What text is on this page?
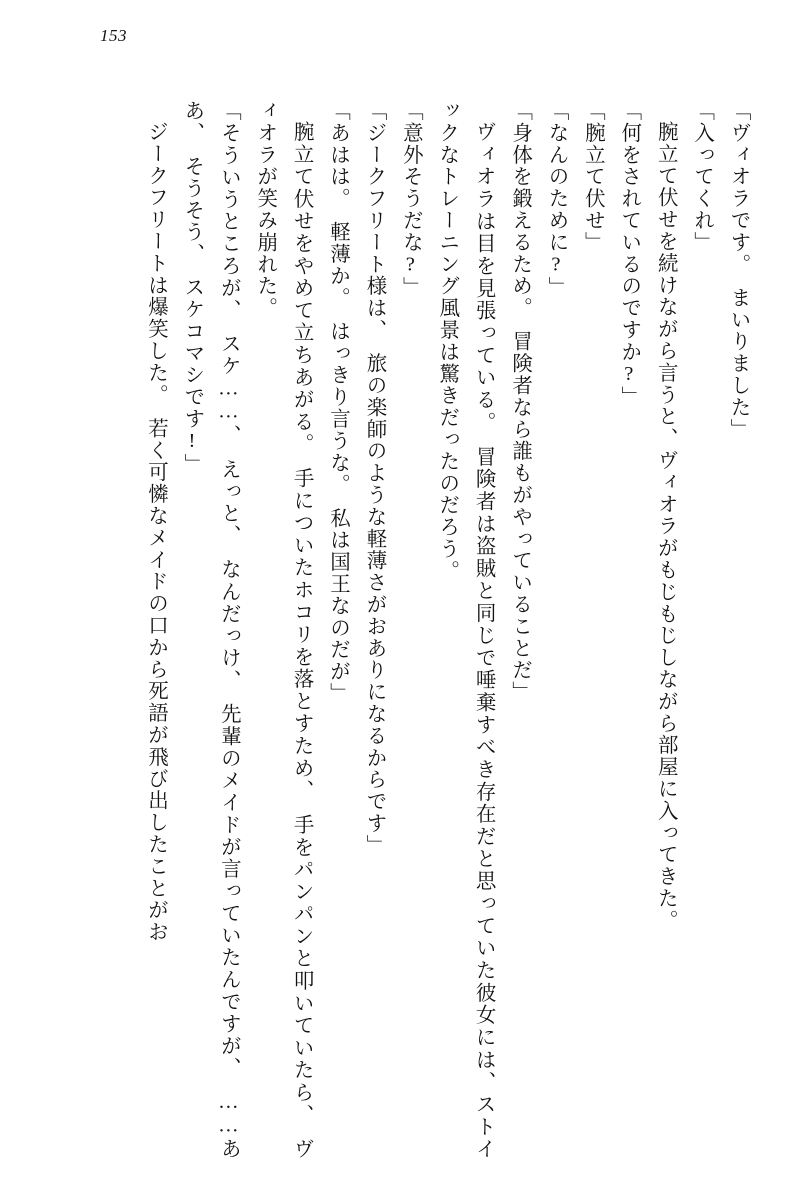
153

「ヴィオラです。　まいりました」

「入ってくれ」

腕立て伏せを続けながら言うと、ヴィオラがもじもじしながら部屋に入ってきた。

「何をされているのですか?」

「腕立て伏せ」

「なんのために?」

「身体を鍛えるため。　冒険者なら誰もがやっていることだ」

ヴィオラは目を見張っている。　冒険者は盗賊と同じで唾棄すべき存在だと思っていた彼女には、ストイックなトレーニング風景は驚きだったのだろう。

「意外そうだな?」

「ジークフリート様は、　旅の楽師のような軽薄さがおありになるからです」

「あはは。　軽薄か。　はっきり言うな。　私は国王なのだが」

腕立て伏せをやめて立ちあがる。　手についたホコリを落とすため、　手をパンパンと叩いていたら、　ヴィオラが笑み崩れた。

「そういうところが、　スケ……、　えっと、　なんだっけ、　先輩のメイドが言っていたんですが、　……ああ、　そうそう、　スケコマシです!」

ジークフリートは爆笑した。　若く可憐なメイドの口から死語が飛び出したことがお
